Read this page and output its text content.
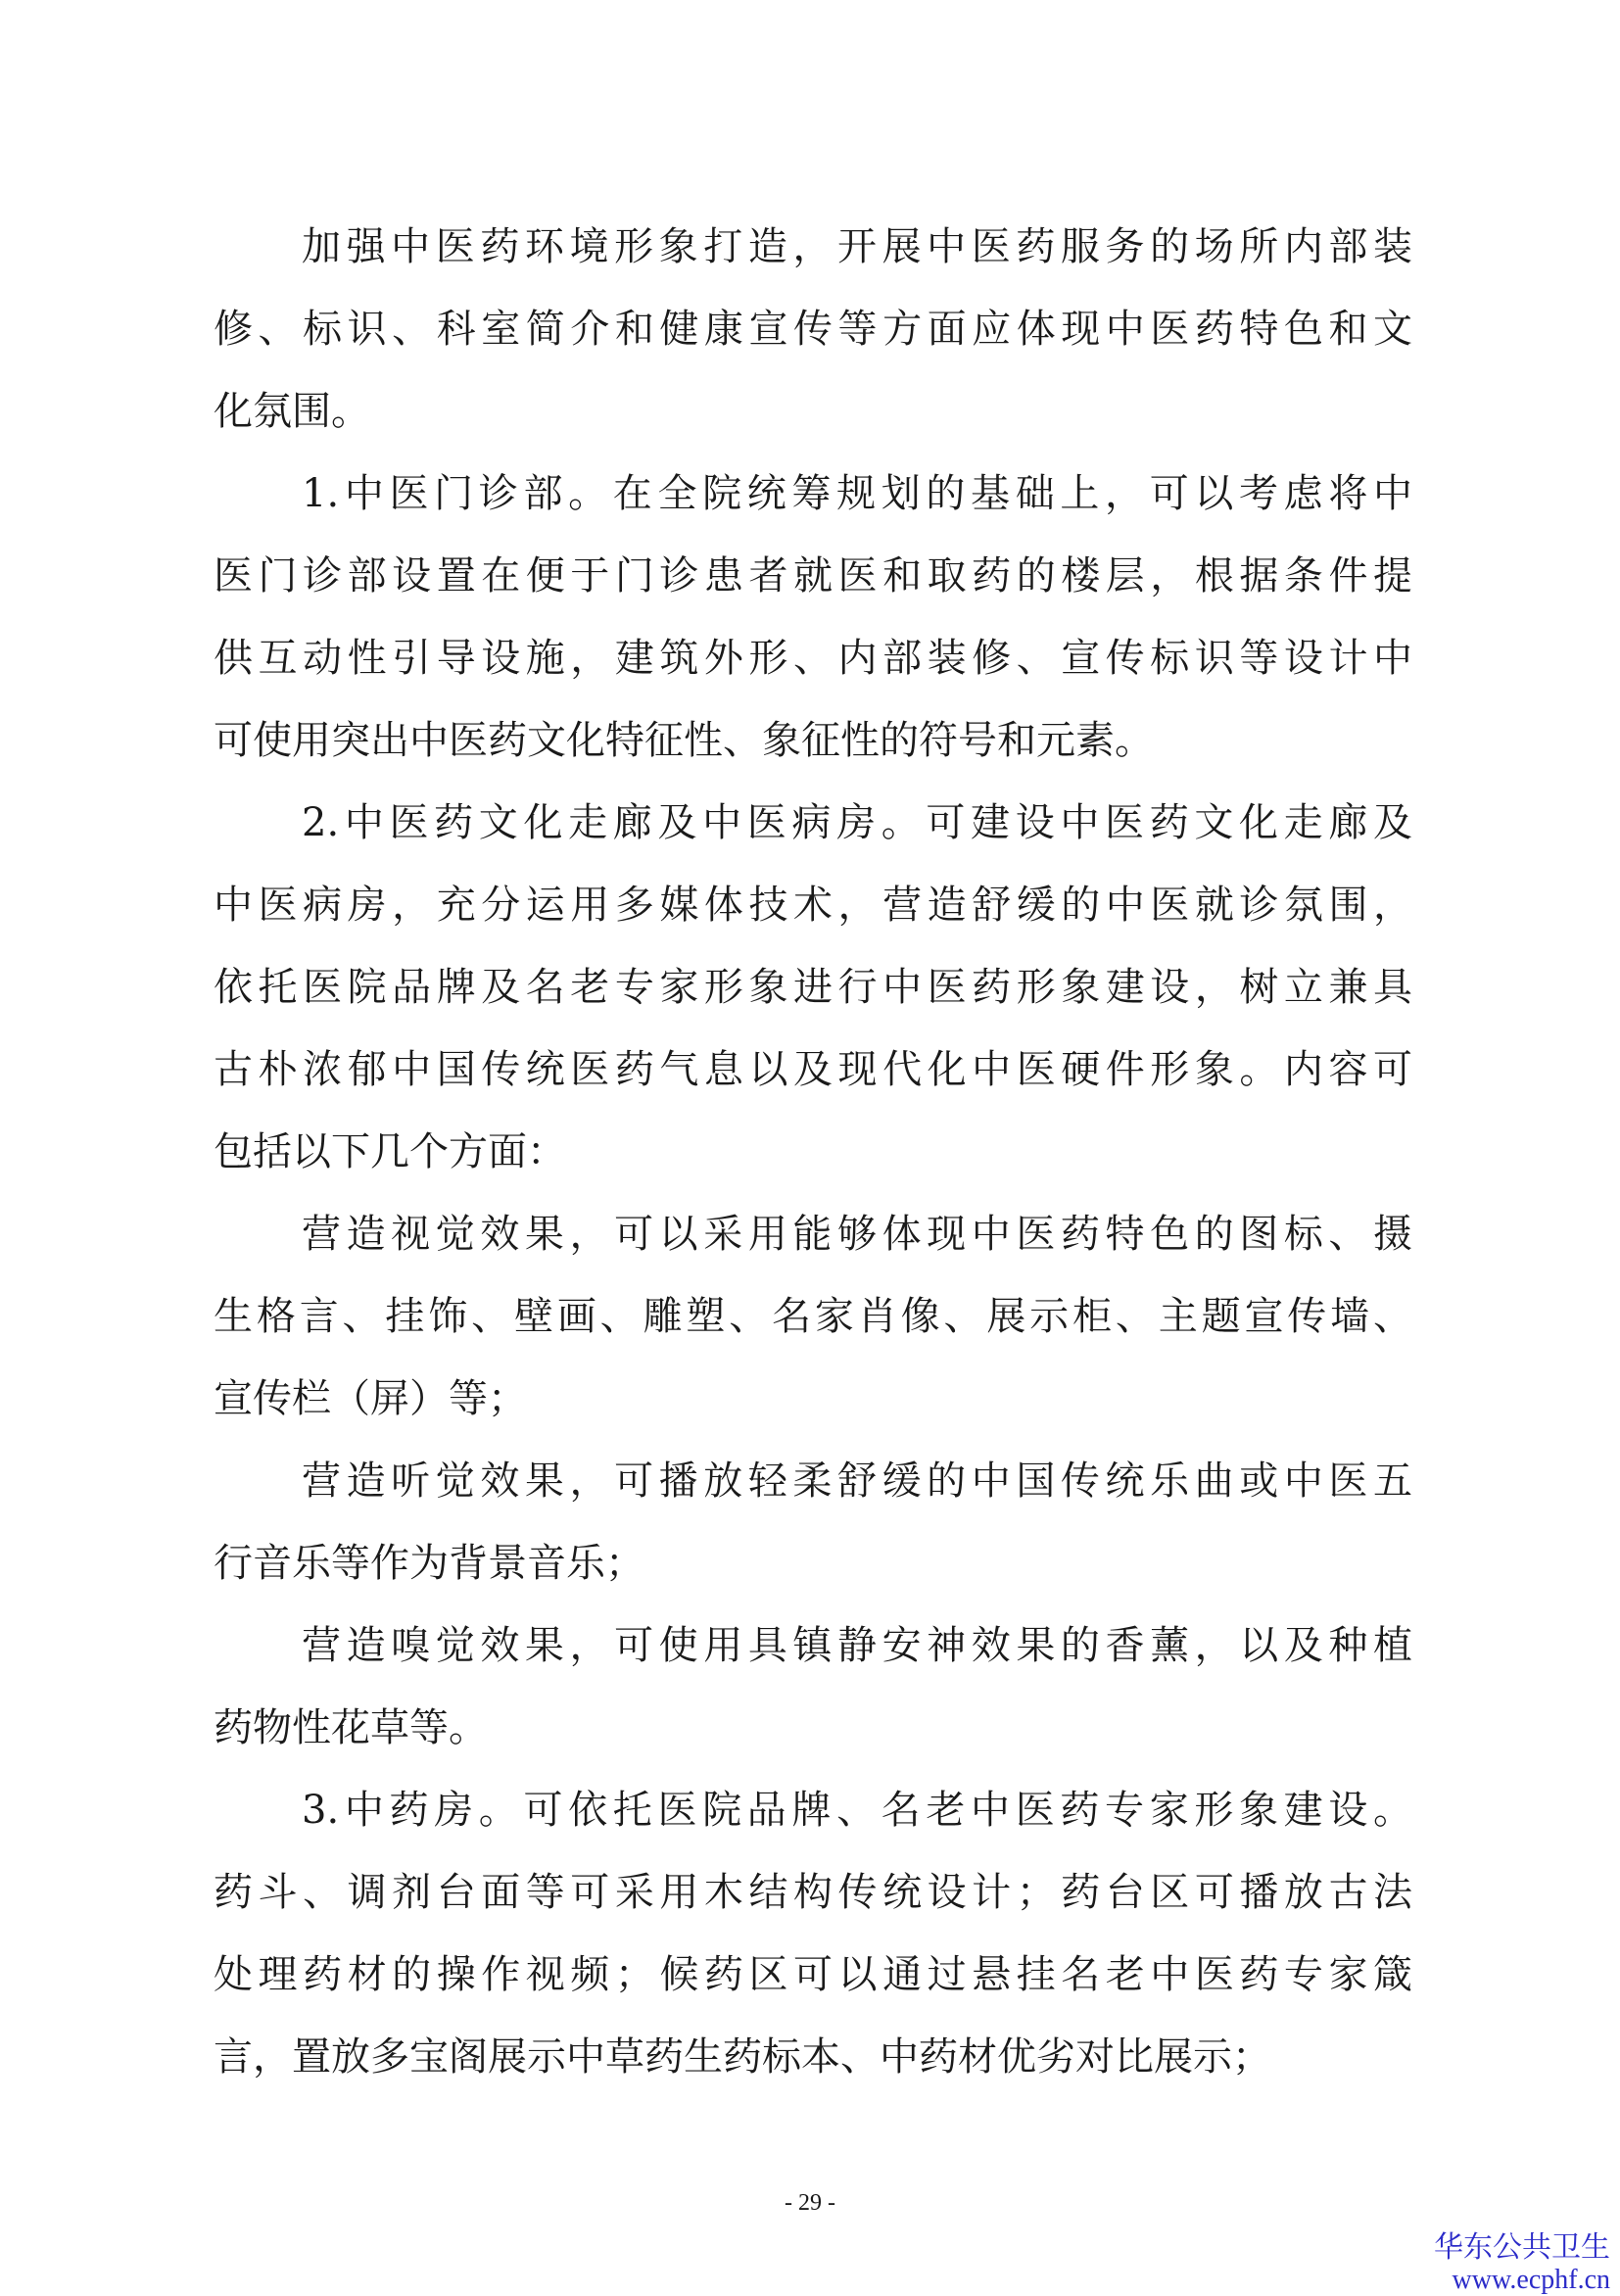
加强中医药环境形象打造，开展中医药服务的场所内部装
修、标识、科室简介和健康宣传等方面应体现中医药特色和文
化氛围。
1.中医门诊部。在全院统筹规划的基础上，可以考虑将中
医门诊部设置在便于门诊患者就医和取药的楼层，根据条件提
供互动性引导设施，建筑外形、内部装修、宣传标识等设计中
可使用突出中医药文化特征性、象征性的符号和元素。
2.中医药文化走廊及中医病房。可建设中医药文化走廊及
中医病房，充分运用多媒体技术，营造舒缓的中医就诊氛围，
依托医院品牌及名老专家形象进行中医药形象建设，树立兼具
古朴浓郁中国传统医药气息以及现代化中医硬件形象。内容可
包括以下几个方面：
营造视觉效果，可以采用能够体现中医药特色的图标、摄
生格言、挂饰、壁画、雕塑、名家肖像、展示柜、主题宣传墙、
宣传栏（屏）等；
营造听觉效果，可播放轻柔舒缓的中国传统乐曲或中医五
行音乐等作为背景音乐；
营造嗅觉效果，可使用具镇静安神效果的香薰，以及种植
药物性花草等。
3.中药房。可依托医院品牌、名老中医药专家形象建设。
药斗、调剂台面等可采用木结构传统设计；药台区可播放古法
处理药材的操作视频；候药区可以通过悬挂名老中医药专家箴
言，置放多宝阁展示中草药生药标本、中药材优劣对比展示；
- 29 -
华东公共卫生
www.ecphf.cn
